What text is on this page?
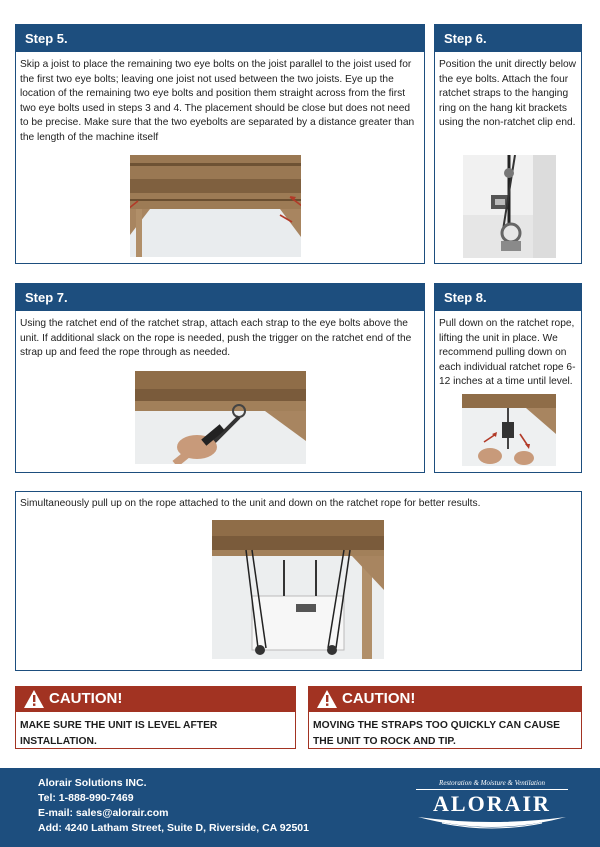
Step 5.
Skip a joist to place the remaining two eye bolts on the joist parallel to the joist used for the first two eye bolts; leaving one joist not used between the two joists. Eye up the location of the remaining two eye bolts and position them straight across from the first two eye bolts used in steps 3 and 4. The placement should be close but does not need to be precise. Make sure that the two eyebolts are separated by a distance greater than the length of the machine itself
Step 6.
Position the unit directly below the eye bolts. Attach the four ratchet straps to the hanging ring on the hang kit brackets using the non-ratchet clip end.
Step 7.
Using the ratchet end of the ratchet strap, attach each strap to the eye bolts above the unit. If additional slack on the rope is needed, push the trigger on the ratchet end of the strap up and feed the rope through as needed.
Step 8.
Pull down on the ratchet rope, lifting the unit in place. We recommend pulling down on each individual ratchet rope 6-12 inches at a time until level.
Simultaneously pull up on the rope attached to the unit and down on the ratchet rope for better results.
CAUTION!
MAKE SURE THE UNIT IS LEVEL AFTER INSTALLATION.
CAUTION!
MOVING THE STRAPS TOO QUICKLY CAN CAUSE THE UNIT TO ROCK AND TIP.
Alorair Solutions INC.
Tel: 1-888-990-7469
E-mail: sales@alorair.com
Add: 4240 Latham Street, Suite D, Riverside, CA 92501
Restoration & Moisture & Ventilation
ALORAIR
